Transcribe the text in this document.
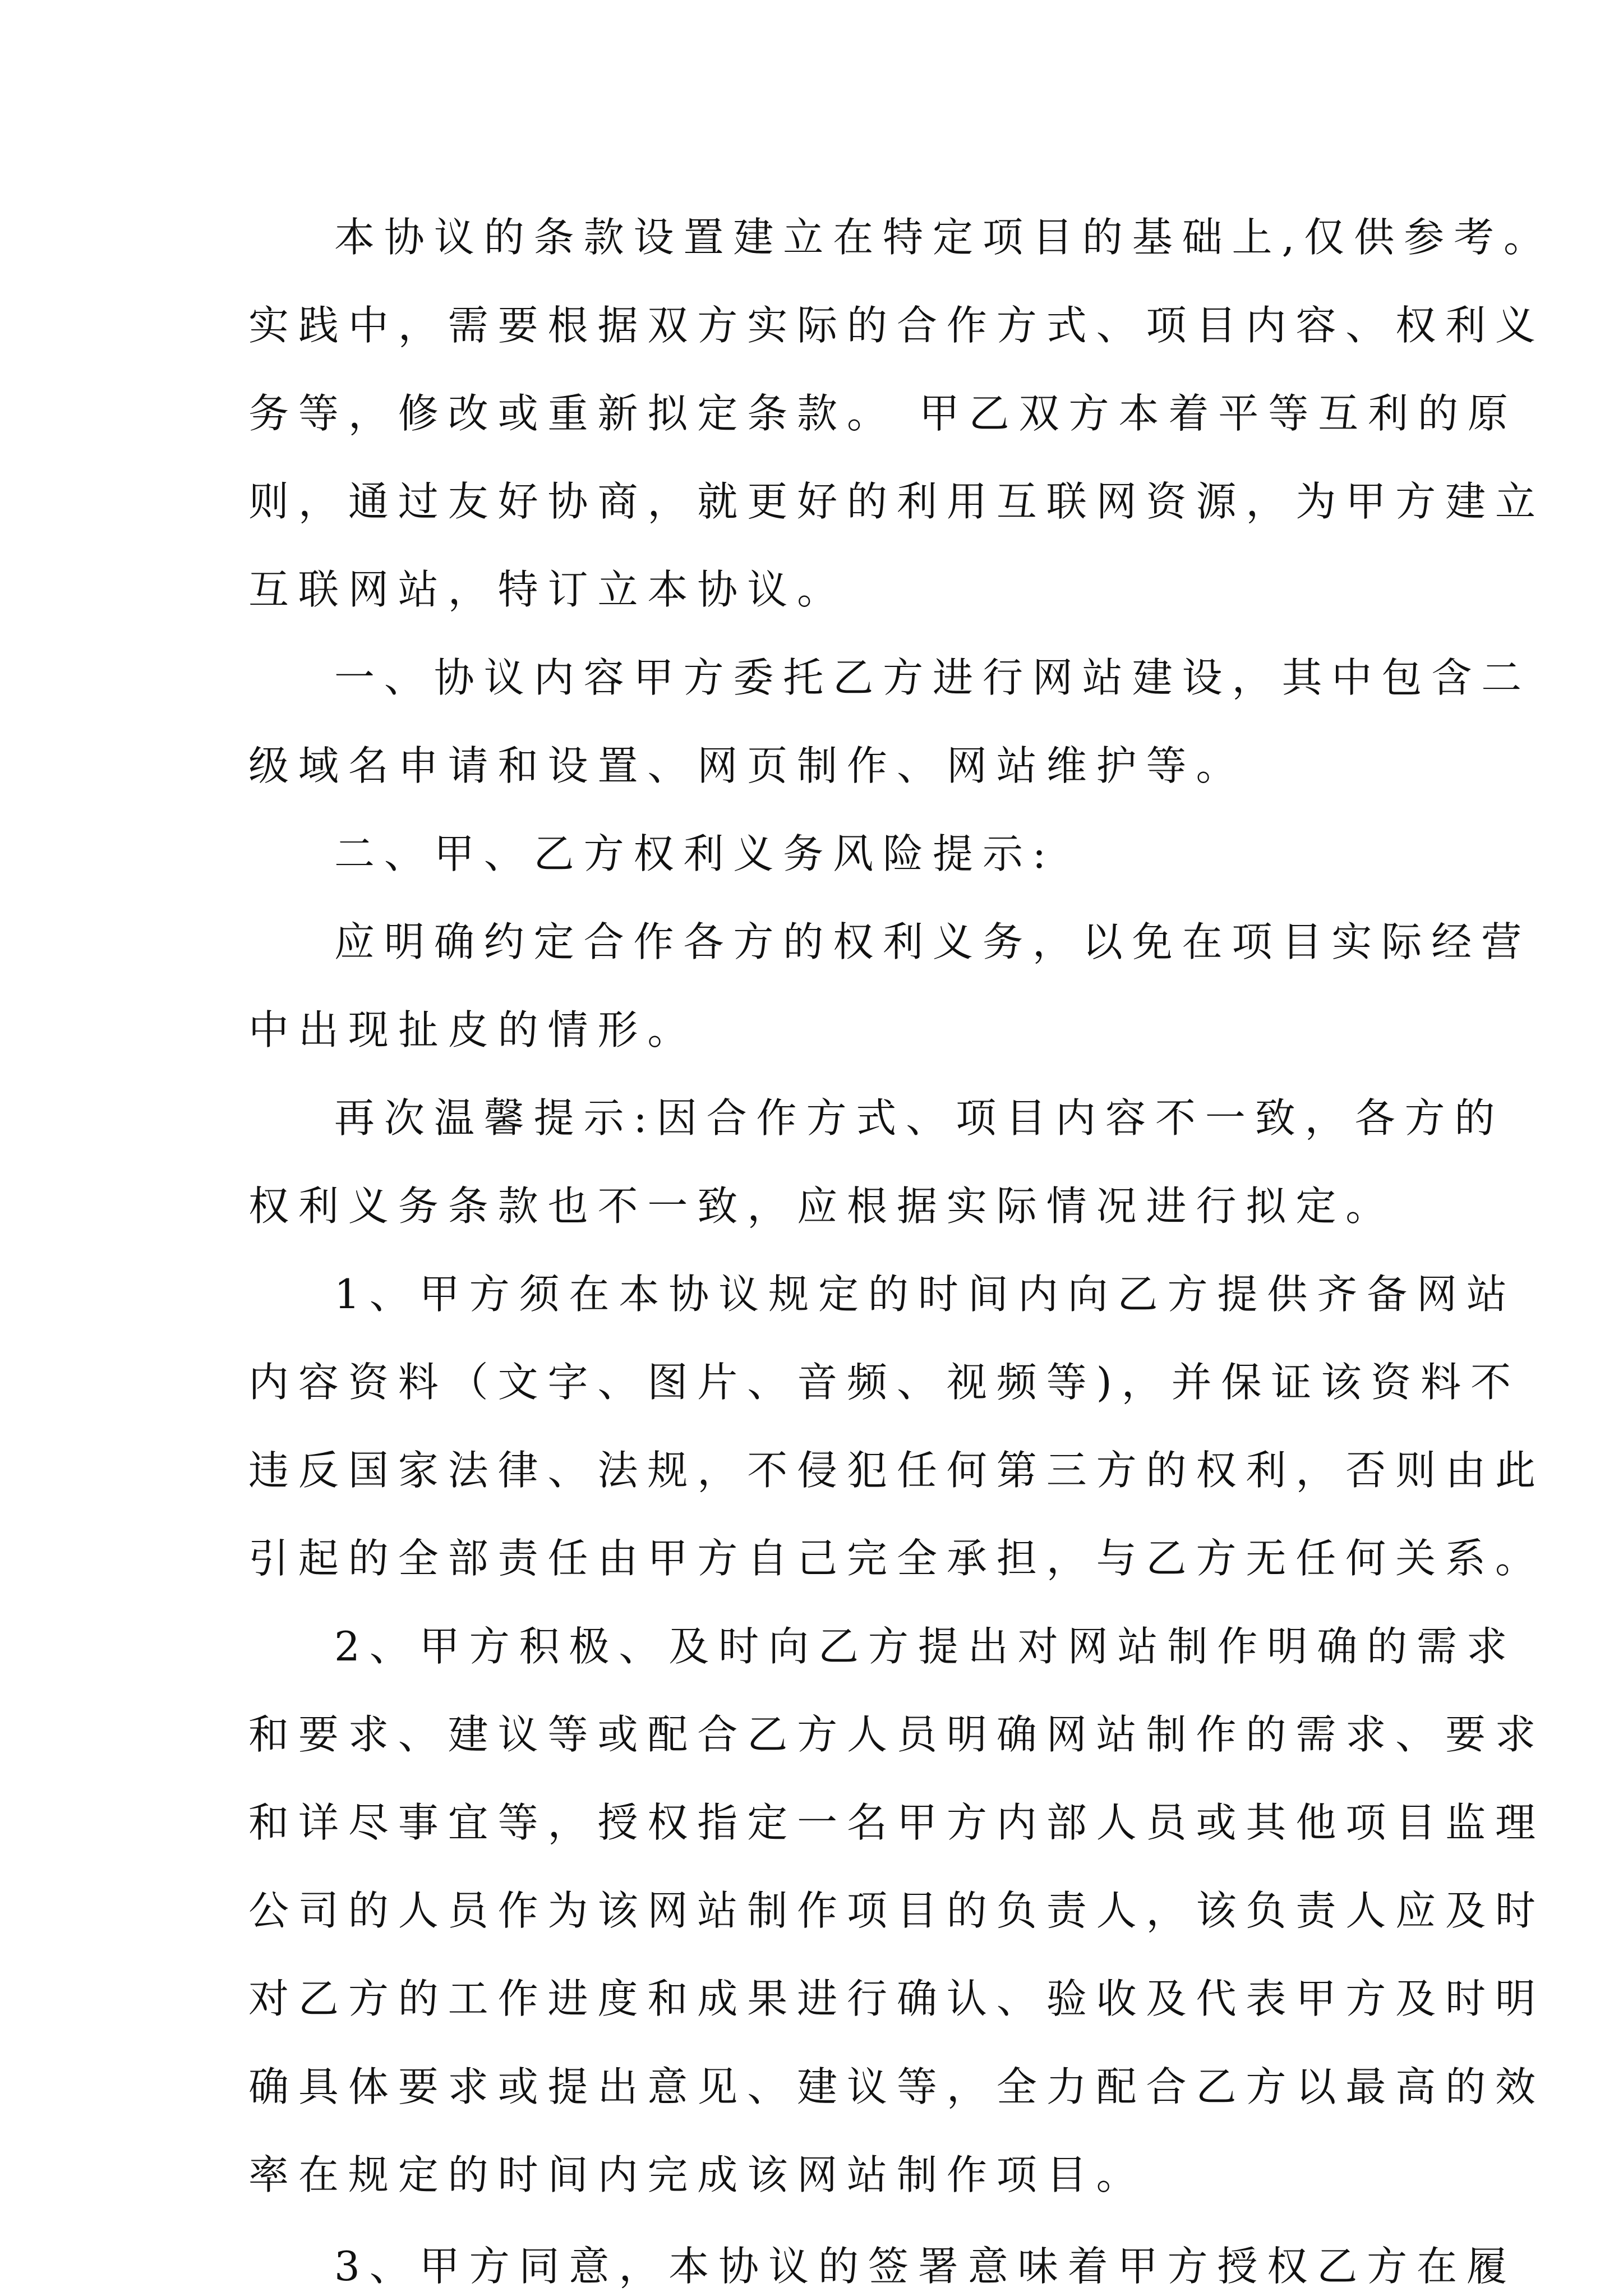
本协议的条款设置建立在特定项目的基础上,仅供参考。

实践中，需要根据双方实际的合作方式、项目内容、权利义

务等，修改或重新拟定条款。 甲乙双方本着平等互利的原

则，通过友好协商，就更好的利用互联网资源，为甲方建立

互联网站，特订立本协议。

一、协议内容甲方委托乙方进行网站建设，其中包含二

级域名申请和设置、网页制作、网站维护等。

二、甲、乙方权利义务风险提示:

应明确约定合作各方的权利义务，以免在项目实际经营

中出现扯皮的情形。

再次温馨提示:因合作方式、项目内容不一致，各方的

权利义务条款也不一致，应根据实际情况进行拟定。

1、甲方须在本协议规定的时间内向乙方提供齐备网站

内容资料（文字、图片、音频、视频等)，并保证该资料不

违反国家法律、法规，不侵犯任何第三方的权利，否则由此

引起的全部责任由甲方自己完全承担，与乙方无任何关系。

2、甲方积极、及时向乙方提出对网站制作明确的需求

和要求、建议等或配合乙方人员明确网站制作的需求、要求

和详尽事宜等，授权指定一名甲方内部人员或其他项目监理

公司的人员作为该网站制作项目的负责人，该负责人应及时

对乙方的工作进度和成果进行确认、验收及代表甲方及时明

确具体要求或提出意见、建议等，全力配合乙方以最高的效

率在规定的时间内完成该网站制作项目。

3、甲方同意，本协议的签署意味着甲方授权乙方在履
